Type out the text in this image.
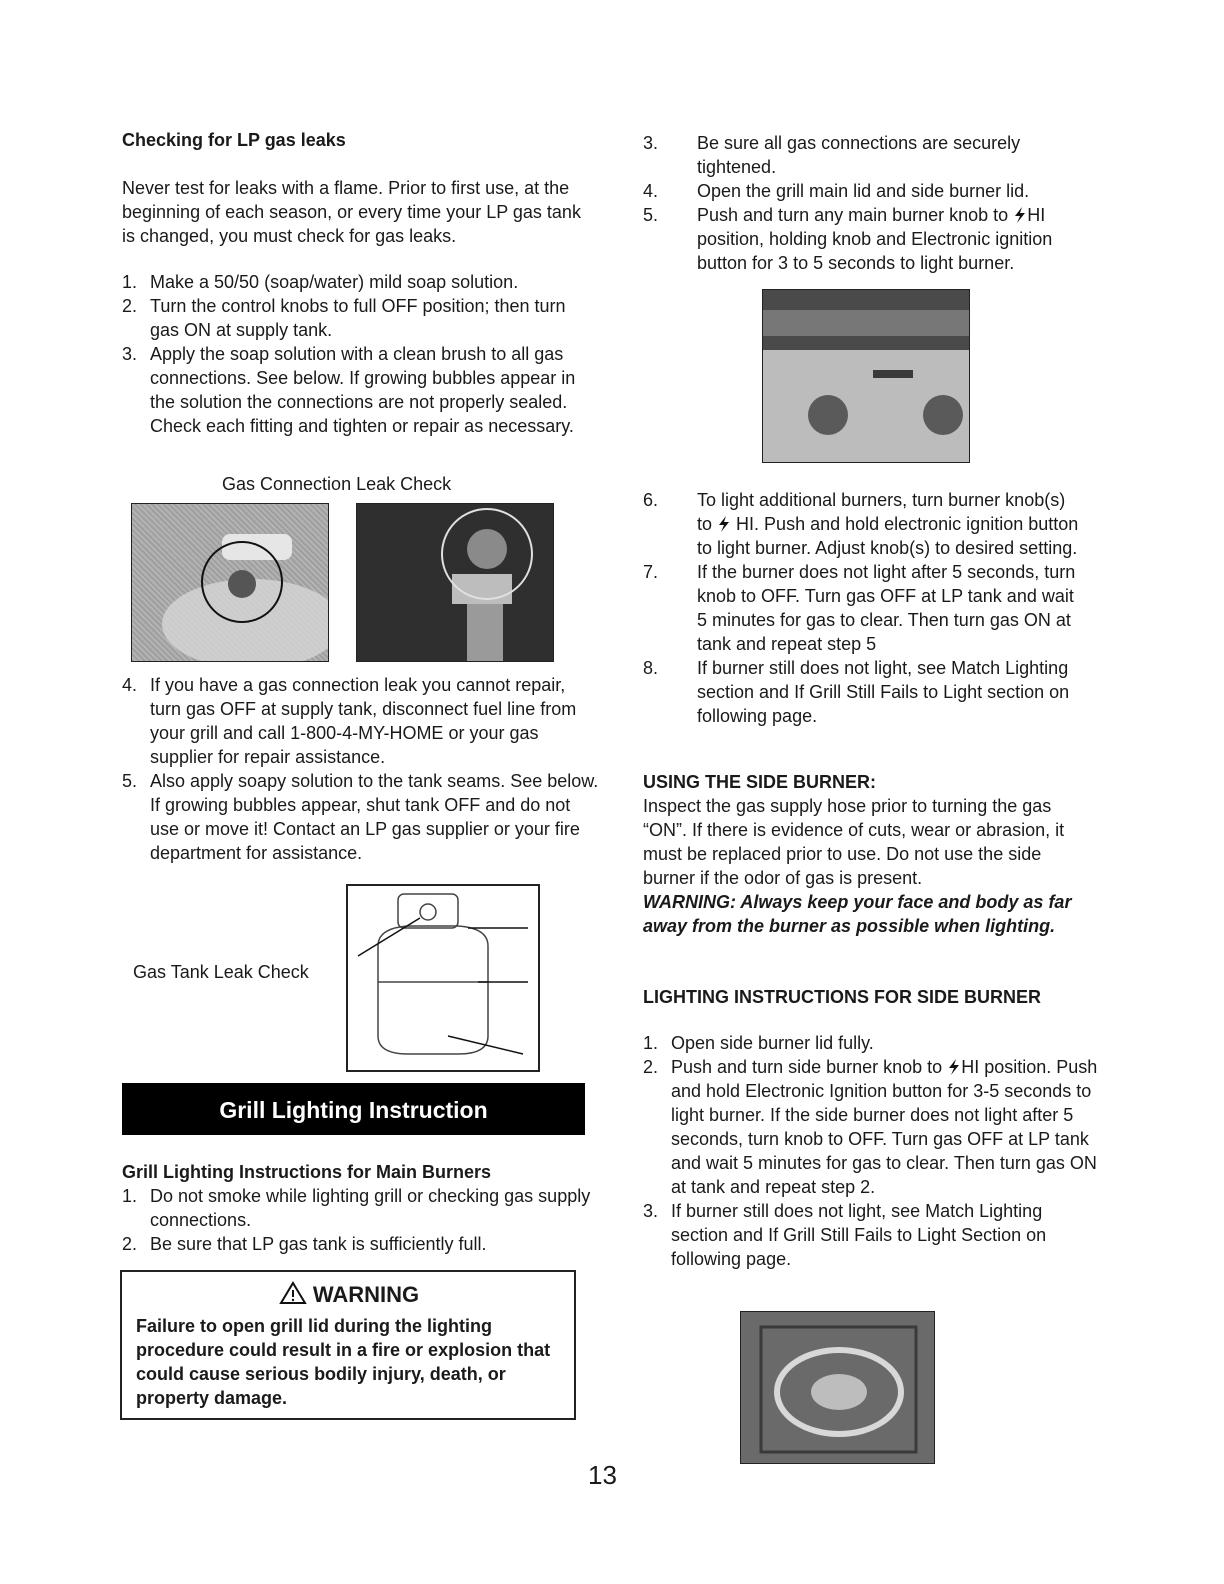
Checking for LP gas leaks

Never test for leaks with a flame. Prior to first use, at the beginning of each season, or every time your LP gas tank is changed, you must check for gas leaks.

1. Make a 50/50 (soap/water) mild soap solution.
2. Turn the control knobs to full OFF position; then turn gas ON at supply tank.
3. Apply the soap solution with a clean brush to all gas connections. See below. If growing bubbles appear in the solution the connections are not properly sealed. Check each fitting and tighten or repair as necessary.
Gas Connection Leak Check
4. If you have a gas connection leak you cannot repair, turn gas OFF at supply tank, disconnect fuel line from your grill and call 1-800-4-MY-HOME or your gas supplier for repair assistance.
5. Also apply soapy solution to the tank seams. See below. If growing bubbles appear, shut tank OFF and do not use or move it! Contact an LP gas supplier or your fire department for assistance.
Gas Tank Leak Check
Grill Lighting Instruction
Grill Lighting Instructions for Main Burners
1. Do not smoke while lighting grill or checking gas supply connections.
2. Be sure that LP gas tank is sufficiently full.
WARNING
Failure to open grill lid during the lighting procedure could result in a fire or explosion that could cause serious bodily injury, death, or property damage.
3. Be sure all gas connections are securely tightened.
4. Open the grill main lid and side burner lid.
5. Push and turn any main burner knob to HI position, holding knob and Electronic ignition button for 3 to 5 seconds to light burner.
6. To light additional burners, turn burner knob(s) to HI. Push and hold electronic ignition button to light burner. Adjust knob(s) to desired setting.
7. If the burner does not light after 5 seconds, turn knob to OFF. Turn gas OFF at LP tank and wait 5 minutes for gas to clear. Then turn gas ON at tank and repeat step 5
8. If burner still does not light, see Match Lighting section and If Grill Still Fails to Light section on following page.
USING THE SIDE BURNER:

Inspect the gas supply hose prior to turning the gas “ON”. If there is evidence of cuts, wear or abrasion, it must be replaced prior to use. Do not use the side burner if the odor of gas is present.

WARNING: Always keep your face and body as far away from the burner as possible when lighting.

LIGHTING INSTRUCTIONS FOR SIDE BURNER
1. Open side burner lid fully.
2. Push and turn side burner knob to HI position. Push and hold Electronic Ignition button for 3-5 seconds to light burner. If the side burner does not light after 5 seconds, turn knob to OFF. Turn gas OFF at LP tank and wait 5 minutes for gas to clear. Then turn gas ON at tank and repeat step 2.
3. If burner still does not light, see Match Lighting section and If Grill Still Fails to Light Section on following page.
13
